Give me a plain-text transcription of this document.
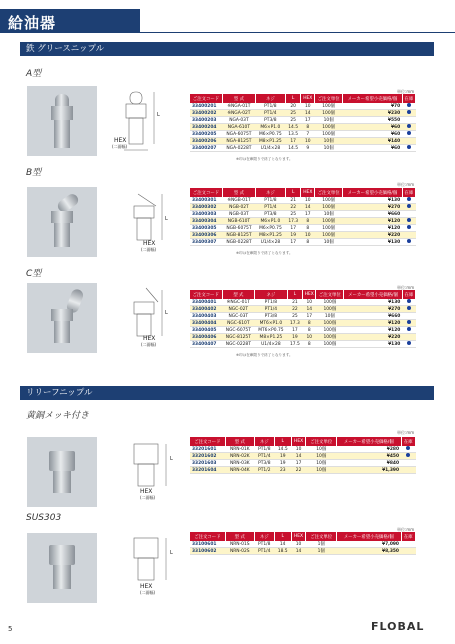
給油器
鉄 グリースニップル
A型
HEX
(二面幅)
L
単位:mm
ご注文コード	型 式	ネジ	L	HEX	ご注文単位	メーカー希望小売価格/個	在庫
33400201	※NGA-01T	PT1/8	20	10	100個	¥70	
33400202	※NGA-02T	PT1/4	25	14	100個	¥230	
33400203	NGA-03T	PT3/8	25	17	10個	¥550	
33400204	NGA-610T	M6×P1.0	14.5	8	100個	¥60	
33400205	NGA-6075T	M6×P0.75	13.5	7	100個	¥60	
33400206	NGA-8125T	M8×P1.25	17	10	10個	¥140	
33400207	NGA-0228T	U1/4×28	14.5	9	10個	¥60	
※印は在庫限りで終了となります。
B型
HEX
(二面幅)
L
単位:mm
ご注文コード	型 式	ネジ	L	HEX	ご注文単位	メーカー希望小売価格/個	在庫
33400301	※NGB-01T	PT1/8	21	10	100個	¥130	
33400302	NGB-02T	PT1/4	22	14	100個	¥270	
33400303	NGB-03T	PT3/8	25	17	10個	¥660	
33400304	NGB-610T	M6×P1.0	17.3	8	100個	¥120	
33400305	NGB-6075T	M6×P0.75	17	8	100個	¥120	
33400306	NGB-8125T	M8×P1.25	19	10	100個	¥220	
33400307	NGB-0228T	U1/4×28	17	8	10個	¥130	
※印は在庫限りで終了となります。
C型
HEX
(二面幅)
L
単位:mm
ご注文コード	型 式	ネジ	L	HEX	ご注文単位	メーカー希望小売価格/個	在庫
33400401	※NGC-01T	PT1/8	21	10	100個	¥130	
33400402	NGC-02T	PT1/4	22	14	100個	¥270	
33400403	NGC-03T	PT3/8	25	17	10個	¥660	
33400404	NGC-610T	MT6×P1.0	17.3	8	100個	¥120	
33400405	NGC-6075T	MT6×P0.75	17	8	100個	¥120	
33400406	NGC-8125T	M8×P1.25	19	10	100個	¥220	
33400407	NGC-0228T	U1/4×28	17.5	8	100個	¥130	
※印は在庫限りで終了となります。
リリーフニップル
黄銅メッキ付き
HEX
(二面幅)
L
単位:mm
ご注文コード	型 式	ネジ	L	HEX	ご注文単位	メーカー希望小売価格/個	在庫
33201601	NRN-01K	PT1/8	14.5	10	10個	¥280	
33201602	NRN-02K	PT1/4	19	14	10個	¥450	
33201603	NRN-03K	PT3/8	19	17	10個	¥840	
33201604	NRN-04K	PT1/2	23	22	10個	¥1,390	
SUS303
HEX
(二面幅)
L
単位:mm
ご注文コード	型 式	ネジ	L	HEX	ご注文単位	メーカー希望小売価格/個	在庫
33100601	NRN-01S	PT1/8	14	10	1個	¥7,090	
33100602	NRN-02S	PT1/4	18.5	14	1個	¥8,350	
5	FLOBAL
